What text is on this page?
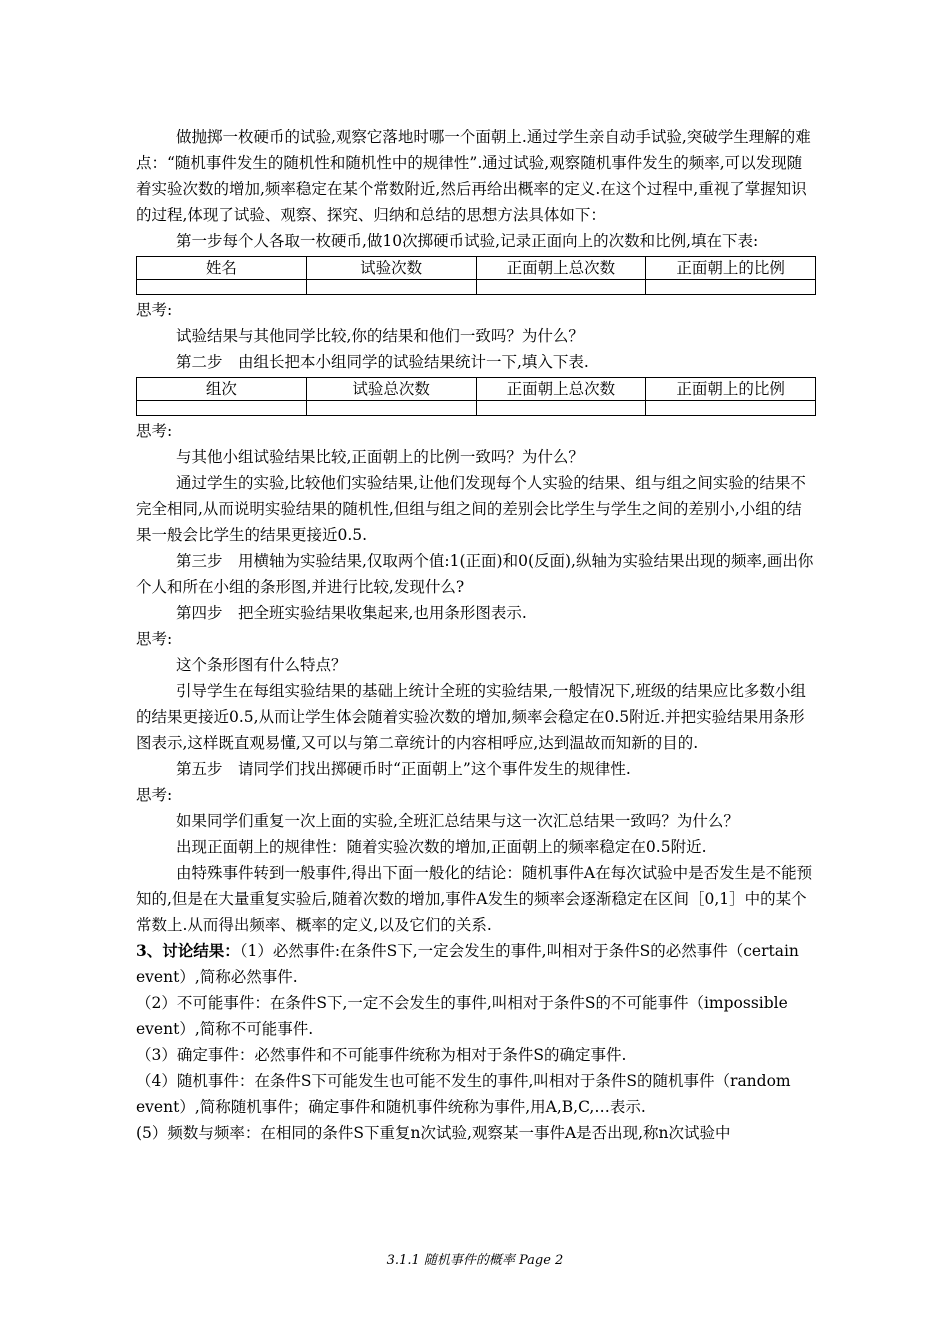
做抛掷一枚硬币的试验,观察它落地时哪一个面朝上.通过学生亲自动手试验,突破学生理解的难点：“随机事件发生的随机性和随机性中的规律性”.通过试验,观察随机事件发生的频率,可以发现随着实验次数的增加,频率稳定在某个常数附近,然后再给出概率的定义.在这个过程中,重视了掌握知识的过程,体现了试验、观察、探究、归纳和总结的思想方法具体如下：

第一步每个人各取一枚硬币,做10次掷硬币试验,记录正面向上的次数和比例,填在下表:

姓名	试验次数	正面朝上总次数	正面朝上的比例

思考:

试验结果与其他同学比较,你的结果和他们一致吗？为什么？

第二步　由组长把本小组同学的试验结果统计一下,填入下表.

组次	试验总次数	正面朝上总次数	正面朝上的比例

思考:

与其他小组试验结果比较,正面朝上的比例一致吗？为什么？

通过学生的实验,比较他们实验结果,让他们发现每个人实验的结果、组与组之间实验的结果不完全相同,从而说明实验结果的随机性,但组与组之间的差别会比学生与学生之间的差别小,小组的结果一般会比学生的结果更接近0.5.

第三步　用横轴为实验结果,仅取两个值:1(正面)和0(反面),纵轴为实验结果出现的频率,画出你个人和所在小组的条形图,并进行比较,发现什么?

第四步　把全班实验结果收集起来,也用条形图表示.

思考:

这个条形图有什么特点？

引导学生在每组实验结果的基础上统计全班的实验结果,一般情况下,班级的结果应比多数小组的结果更接近0.5,从而让学生体会随着实验次数的增加,频率会稳定在0.5附近.并把实验结果用条形图表示,这样既直观易懂,又可以与第二章统计的内容相呼应,达到温故而知新的目的.

第五步　请同学们找出掷硬币时“正面朝上”这个事件发生的规律性.

思考:

如果同学们重复一次上面的实验,全班汇总结果与这一次汇总结果一致吗？为什么？

出现正面朝上的规律性：随着实验次数的增加,正面朝上的频率稳定在0.5附近.

由特殊事件转到一般事件,得出下面一般化的结论：随机事件A在每次试验中是否发生是不能预知的,但是在大量重复实验后,随着次数的增加,事件A发生的频率会逐渐稳定在区间［0,1］中的某个常数上.从而得出频率、概率的定义,以及它们的关系.

3、讨论结果：（1）必然事件:在条件S下,一定会发生的事件,叫相对于条件S的必然事件（certain event）,简称必然事件.

（2）不可能事件：在条件S下,一定不会发生的事件,叫相对于条件S的不可能事件（impossible event）,简称不可能事件.

（3）确定事件：必然事件和不可能事件统称为相对于条件S的确定事件.

（4）随机事件：在条件S下可能发生也可能不发生的事件,叫相对于条件S的随机事件（random event）,简称随机事件；确定事件和随机事件统称为事件,用A,B,C,…表示.

(5）频数与频率：在相同的条件S下重复n次试验,观察某一事件A是否出现,称n次试验中

3.1.1 随机事件的概率 Page 2
